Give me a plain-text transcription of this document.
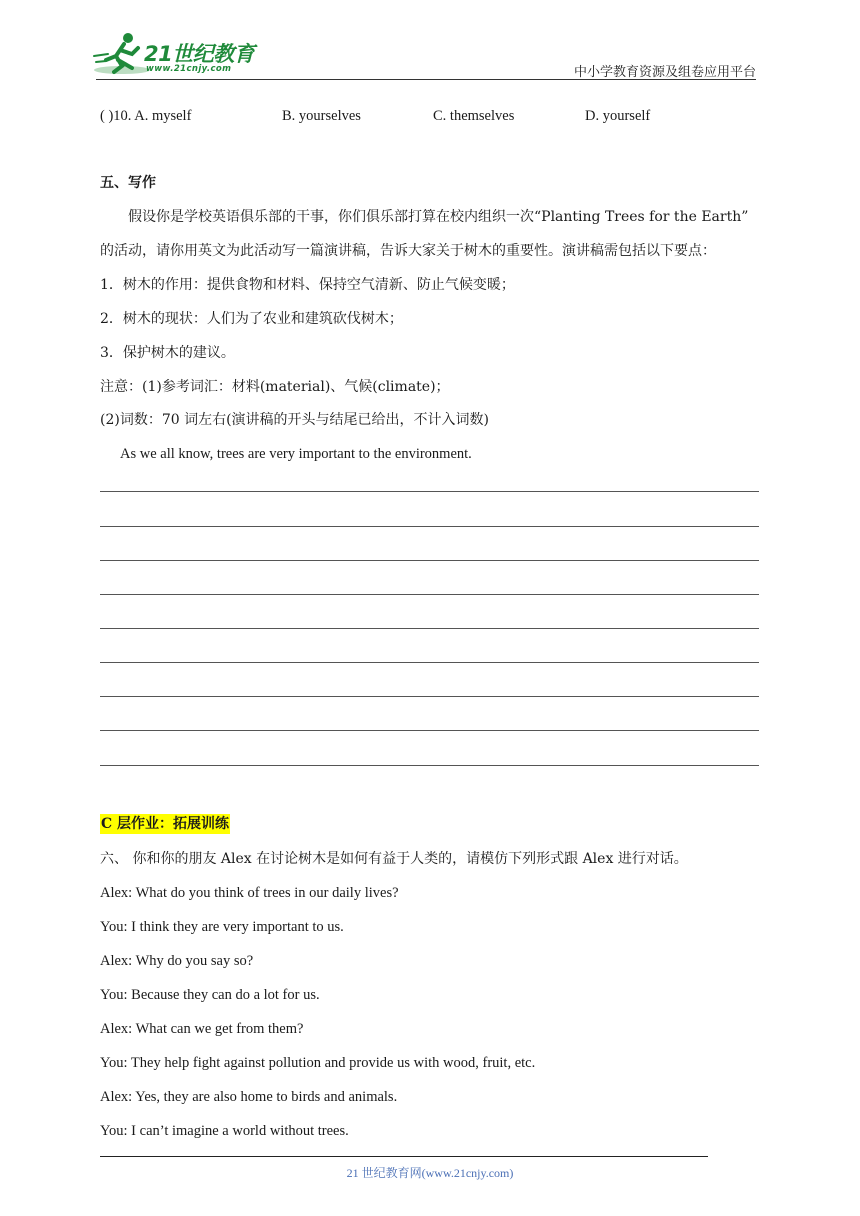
21世纪教育
www.21cnjy.com	中小学教育资源及组卷应用平台
( )10. A. myself	B. yourselves	C. themselves	D. yourself
五、写作
假设你是学校英语俱乐部的干事，你们俱乐部打算在校内组织一次“Planting Trees for the Earth”
的活动，请你用英文为此活动写一篇演讲稿，告诉大家关于树木的重要性。演讲稿需包括以下要点：
1．树木的作用：提供食物和材料、保持空气清新、防止气候变暖；
2．树木的现状：人们为了农业和建筑砍伐树木；
3．保护树木的建议。
注意：(1)参考词汇：材料(material)、气候(climate)；
(2)词数：70 词左右(演讲稿的开头与结尾已给出，不计入词数)
As we all know, trees are very important to the environment.
C 层作业：拓展训练
六、 你和你的朋友 Alex 在讨论树木是如何有益于人类的，请模仿下列形式跟 Alex 进行对话。
Alex: What do you think of trees in our daily lives?
You: I think they are very important to us.
Alex: Why do you say so?
You: Because they can do a lot for us.
Alex: What can we get from them?
You: They help fight against pollution and provide us with wood, fruit, etc.
Alex: Yes, they are also home to birds and animals.
You: I can’t imagine a world without trees.
21 世纪教育网(www.21cnjy.com)
